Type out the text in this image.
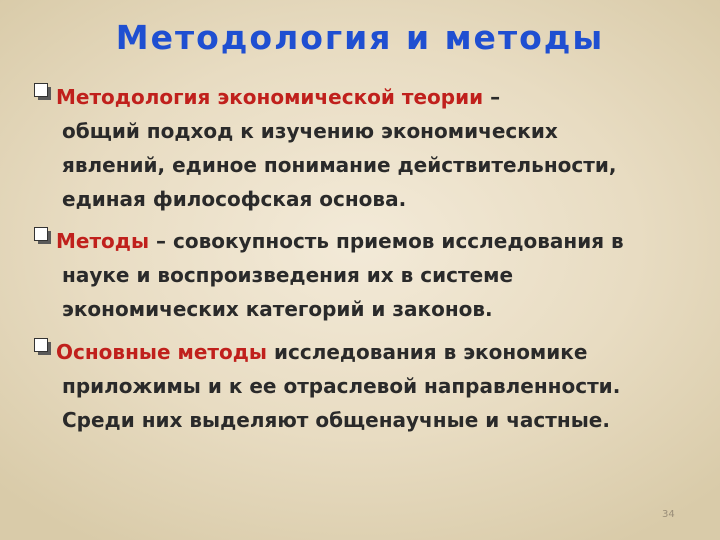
Методология и методы
Методология экономической теории –
общий подход к изучению экономических
явлений, единое понимание действительности,
единая философская основа.
Методы – совокупность приемов исследования в
науке и воспроизведения их в системе
экономических категорий и законов.
Основные методы исследования в экономике
приложимы и к ее отраслевой направленности.
Среди них выделяют общенаучные и частные.
34
